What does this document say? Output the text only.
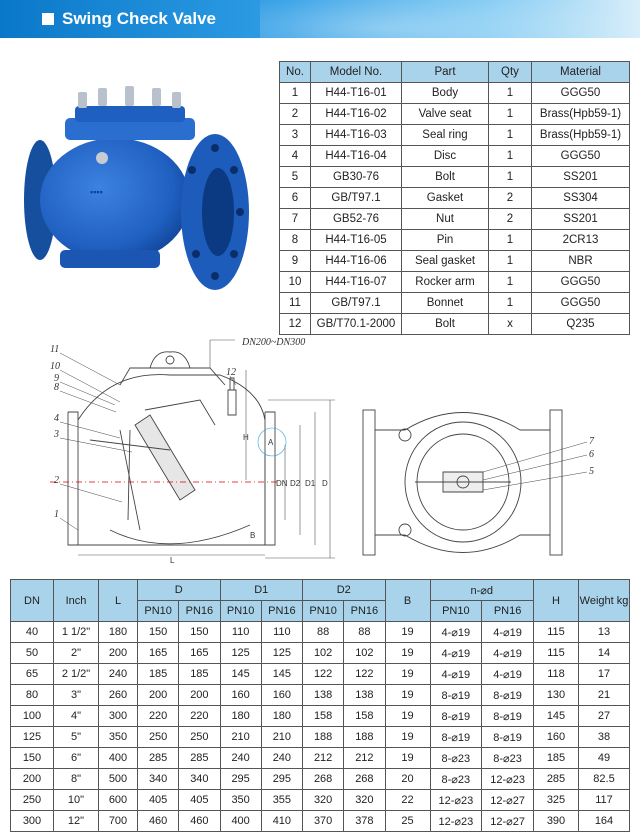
Swing Check Valve
▪▪▪▪
No.	Model No.	Part	Qty	Material
1	H44-T16-01	Body	1	GGG50
2	H44-T16-02	Valve seat	1	Brass(Hpb59-1)
3	H44-T16-03	Seal ring	1	Brass(Hpb59-1)
4	H44-T16-04	Disc	1	GGG50
5	GB30-76	Bolt	1	SS201
6	GB/T97.1	Gasket	2	SS304
7	GB52-76	Nut	2	SS201
8	H44-T16-05	Pin	1	2CR13
9	H44-T16-06	Seal gasket	1	NBR
10	H44-T16-07	Rocker arm	1	GGG50
11	GB/T97.1	Bonnet	1	GGG50
12	GB/T70.1-2000	Bolt	x	Q235
DN200~DN300
11
10
9
8
4
3
2
1
12
A
H
DN D2 D1 D
B
L
7
6
5
DN	Inch	L	D		D1		D2		B	n-⌀d		H	Weight kg
			PN10	PN16	PN10	PN16	PN10	PN16		PN10	PN16		
40	1 1/2"	180	150	150	110	110	88	88	19	4-⌀19	4-⌀19	115	13
50	2"	200	165	165	125	125	102	102	19	4-⌀19	4-⌀19	115	14
65	2 1/2"	240	185	185	145	145	122	122	19	4-⌀19	4-⌀19	118	17
80	3"	260	200	200	160	160	138	138	19	8-⌀19	8-⌀19	130	21
100	4"	300	220	220	180	180	158	158	19	8-⌀19	8-⌀19	145	27
125	5"	350	250	250	210	210	188	188	19	8-⌀19	8-⌀19	160	38
150	6"	400	285	285	240	240	212	212	19	8-⌀23	8-⌀23	185	49
200	8"	500	340	340	295	295	268	268	20	8-⌀23	12-⌀23	285	82.5
250	10"	600	405	405	350	355	320	320	22	12-⌀23	12-⌀27	325	117
300	12"	700	460	460	400	410	370	378	25	12-⌀23	12-⌀27	390	164
